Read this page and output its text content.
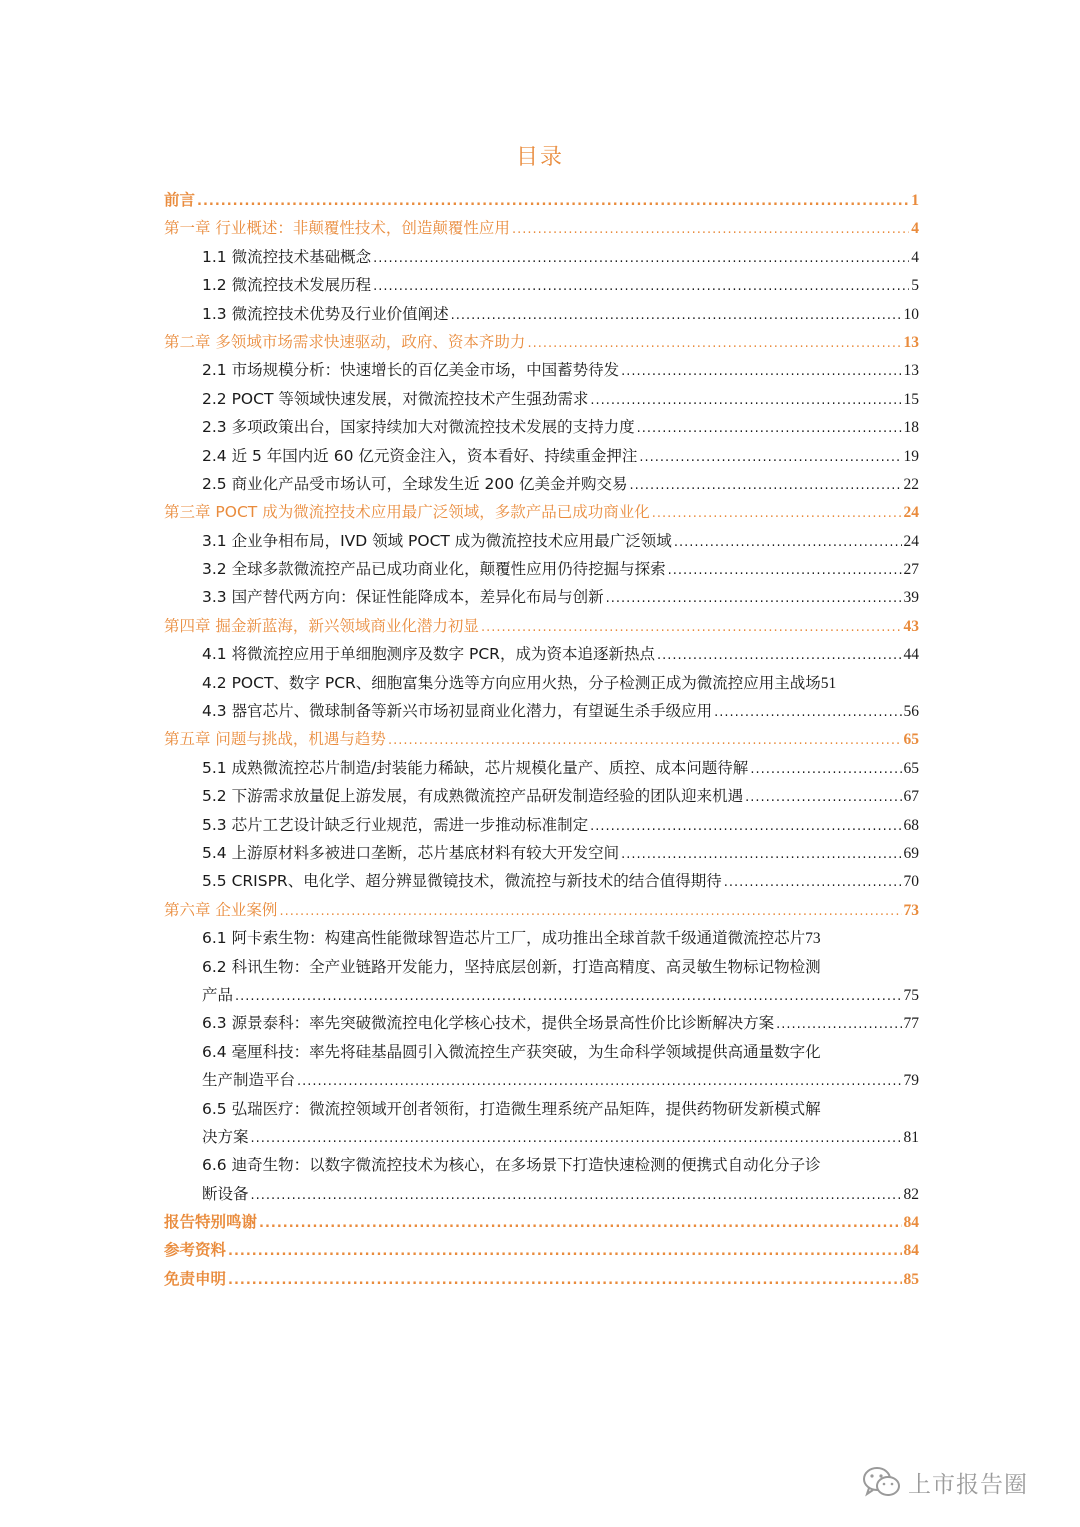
目录
前言 .....	1
第一章 行业概述：非颠覆性技术，创造颠覆性应用 .....	4
1.1 微流控技术基础概念 .....	4
1.2 微流控技术发展历程 .....	5
1.3 微流控技术优势及行业价值阐述 .....	10
第二章 多领域市场需求快速驱动，政府、资本齐助力 .....	13
2.1 市场规模分析：快速增长的百亿美金市场，中国蓄势待发 .....	13
2.2 POCT 等领域快速发展，对微流控技术产生强劲需求 .....	15
2.3 多项政策出台，国家持续加大对微流控技术发展的支持力度 .....	18
2.4 近 5 年国内近 60 亿元资金注入，资本看好、持续重金押注 .....	19
2.5 商业化产品受市场认可，全球发生近 200 亿美金并购交易 .....	22
第三章 POCT 成为微流控技术应用最广泛领域，多款产品已成功商业化 .....	24
3.1 企业争相布局，IVD 领域 POCT 成为微流控技术应用最广泛领域 .....	24
3.2 全球多款微流控产品已成功商业化，颠覆性应用仍待挖掘与探索 .....	27
3.3 国产替代两方向：保证性能降成本，差异化布局与创新 .....	39
第四章 掘金新蓝海，新兴领域商业化潜力初显 .....	43
4.1 将微流控应用于单细胞测序及数字 PCR，成为资本追逐新热点 .....	44
4.2 POCT、数字 PCR、细胞富集分选等方向应用火热，分子检测正成为微流控应用主战场 51
4.3 器官芯片、微球制备等新兴市场初显商业化潜力，有望诞生杀手级应用 .....	56
第五章 问题与挑战，机遇与趋势 .....	65
5.1 成熟微流控芯片制造/封装能力稀缺，芯片规模化量产、质控、成本问题待解 .....	65
5.2 下游需求放量促上游发展，有成熟微流控产品研发制造经验的团队迎来机遇 .....	67
5.3 芯片工艺设计缺乏行业规范，需进一步推动标准制定 .....	68
5.4 上游原材料多被进口垄断，芯片基底材料有较大开发空间 .....	69
5.5 CRISPR、电化学、超分辨显微镜技术，微流控与新技术的结合值得期待 .....	70
第六章 企业案例 .....	73
6.1 阿卡索生物：构建高性能微球智造芯片工厂，成功推出全球首款千级通道微流控芯片 73
6.2 科讯生物：全产业链路开发能力，坚持底层创新，打造高精度、高灵敏生物标记物检测
产品 .....	75
6.3 源景泰科：率先突破微流控电化学核心技术，提供全场景高性价比诊断解决方案 .....	77
6.4 毫厘科技：率先将硅基晶圆引入微流控生产获突破，为生命科学领域提供高通量数字化
生产制造平台 .....	79
6.5 弘瑞医疗：微流控领域开创者领衔，打造微生理系统产品矩阵，提供药物研发新模式解
决方案 .....	81
6.6 迪奇生物：以数字微流控技术为核心，在多场景下打造快速检测的便携式自动化分子诊
断设备 .....	82
报告特别鸣谢 .....	84
参考资料 .....	84
免责申明 .....	85
上市报告圈
